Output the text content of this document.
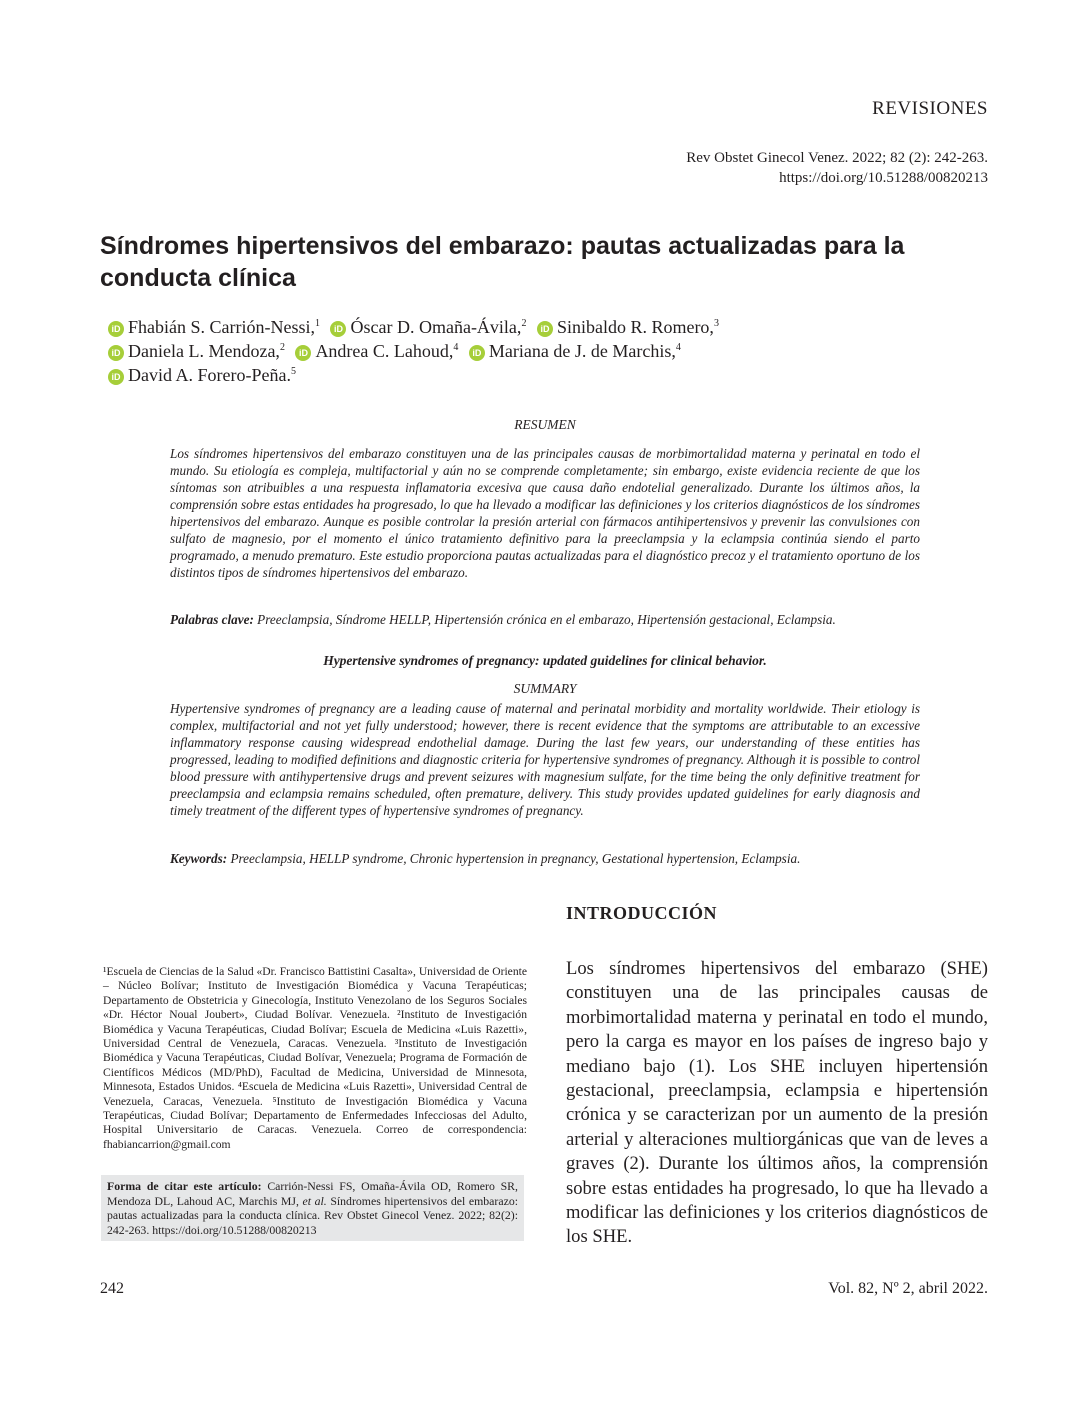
REVISIONES
Rev Obstet Ginecol Venez. 2022; 82 (2): 242-263.
https://doi.org/10.51288/00820213
Síndromes hipertensivos del embarazo: pautas actualizadas para la conducta clínica
iD Fhabián S. Carrión-Nessi,$^1$ iD Óscar D. Omaña-Ávila,$^2$ iD Sinibaldo R. Romero,$^3$
iD Daniela L. Mendoza,$^2$ iD Andrea C. Lahoud,$^4$ iD Mariana de J. de Marchis,$^4$
iD David A. Forero-Peña.$^5$
RESUMEN
Los síndromes hipertensivos del embarazo constituyen una de las principales causas de morbimortalidad materna y perinatal en todo el mundo. Su etiología es compleja, multifactorial y aún no se comprende completamente; sin embargo, existe evidencia reciente de que los síntomas son atribuibles a una respuesta inflamatoria excesiva que causa daño endotelial generalizado. Durante los últimos años, la comprensión sobre estas entidades ha progresado, lo que ha llevado a modificar las definiciones y los criterios diagnósticos de los síndromes hipertensivos del embarazo. Aunque es posible controlar la presión arterial con fármacos antihipertensivos y prevenir las convulsiones con sulfato de magnesio, por el momento el único tratamiento definitivo para la preeclampsia y la eclampsia continúa siendo el parto programado, a menudo prematuro. Este estudio proporciona pautas actualizadas para el diagnóstico precoz y el tratamiento oportuno de los distintos tipos de síndromes hipertensivos del embarazo.
Palabras clave: Preeclampsia, Síndrome HELLP, Hipertensión crónica en el embarazo, Hipertensión gestacional, Eclampsia.
Hypertensive syndromes of pregnancy: updated guidelines for clinical behavior.
SUMMARY
Hypertensive syndromes of pregnancy are a leading cause of maternal and perinatal morbidity and mortality worldwide. Their etiology is complex, multifactorial and not yet fully understood; however, there is recent evidence that the symptoms are attributable to an excessive inflammatory response causing widespread endothelial damage. During the last few years, our understanding of these entities has progressed, leading to modified definitions and diagnostic criteria for hypertensive syndromes of pregnancy. Although it is possible to control blood pressure with antihypertensive drugs and prevent seizures with magnesium sulfate, for the time being the only definitive treatment for preeclampsia and eclampsia remains scheduled, often premature, delivery. This study provides updated guidelines for early diagnosis and timely treatment of the different types of hypertensive syndromes of pregnancy.
Keywords: Preeclampsia, HELLP syndrome, Chronic hypertension in pregnancy, Gestational hypertension, Eclampsia.
INTRODUCCIÓN
Los síndromes hipertensivos del embarazo (SHE) constituyen una de las principales causas de morbimortalidad materna y perinatal en todo el mundo, pero la carga es mayor en los países de ingreso bajo y mediano bajo (1). Los SHE incluyen hipertensión gestacional, preeclampsia, eclampsia e hipertensión crónica y se caracterizan por un aumento de la presión arterial y alteraciones multiorgánicas que van de leves a graves (2). Durante los últimos años, la comprensión sobre estas entidades ha progresado, lo que ha llevado a modificar las definiciones y los criterios diagnósticos de los SHE.
¹Escuela de Ciencias de la Salud «Dr. Francisco Battistini Casalta», Universidad de Oriente – Núcleo Bolívar; Instituto de Investigación Biomédica y Vacuna Terapéuticas; Departamento de Obstetricia y Ginecología, Instituto Venezolano de los Seguros Sociales «Dr. Héctor Noual Joubert», Ciudad Bolívar. Venezuela. ²Instituto de Investigación Biomédica y Vacuna Terapéuticas, Ciudad Bolívar; Escuela de Medicina «Luis Razetti», Universidad Central de Venezuela, Caracas. Venezuela. ³Instituto de Investigación Biomédica y Vacuna Terapéuticas, Ciudad Bolívar, Venezuela; Programa de Formación de Científicos Médicos (MD/PhD), Facultad de Medicina, Universidad de Minnesota, Minnesota, Estados Unidos. ⁴Escuela de Medicina «Luis Razetti», Universidad Central de Venezuela, Caracas, Venezuela. ⁵Instituto de Investigación Biomédica y Vacuna Terapéuticas, Ciudad Bolívar; Departamento de Enfermedades Infecciosas del Adulto, Hospital Universitario de Caracas. Venezuela. Correo de correspondencia: fhabiancarrion@gmail.com
Forma de citar este artículo: Carrión-Nessi FS, Omaña-Ávila OD, Romero SR, Mendoza DL, Lahoud AC, Marchis MJ, et al. Síndromes hipertensivos del embarazo: pautas actualizadas para la conducta clínica. Rev Obstet Ginecol Venez. 2022; 82(2): 242-263. https://doi.org/10.51288/00820213
242	Vol. 82, Nº 2, abril 2022.
